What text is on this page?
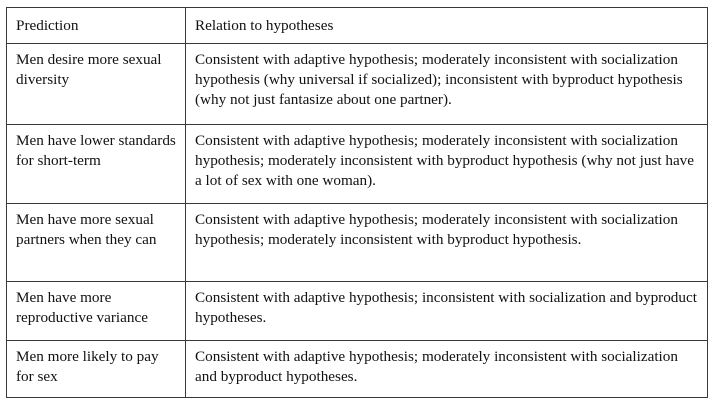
Prediction	Relation to hypotheses
Men desire more sexual diversity	Consistent with adaptive hypothesis; moderately inconsistent with socialization hypothesis (why universal if socialized); inconsistent with byproduct hypothesis (why not just fantasize about one partner).
Men have lower standards for short-term	Consistent with adaptive hypothesis; moderately inconsistent with socialization hypothesis; moderately inconsistent with byproduct hypothesis (why not just have a lot of sex with one woman).
Men have more sexual partners when they can	Consistent with adaptive hypothesis; moderately inconsistent with socialization hypothesis; moderately inconsistent with byproduct hypothesis.
Men have more reproductive variance	Consistent with adaptive hypothesis; inconsistent with socialization and byproduct hypotheses.
Men more likely to pay for sex	Consistent with adaptive hypothesis; moderately inconsistent with socialization and byproduct hypotheses.
